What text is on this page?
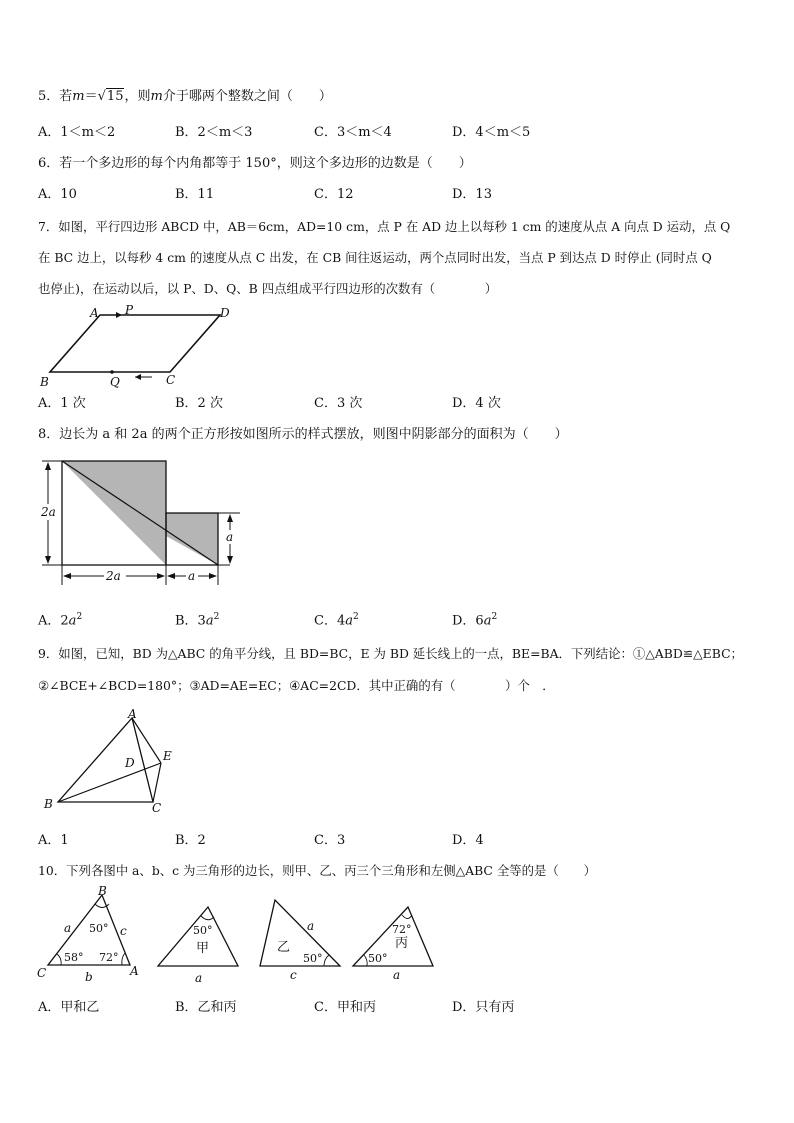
5．若m＝√15，则m介于哪两个整数之间（　　）
A．1＜m＜2	B．2＜m＜3	C．3＜m＜4	D．4＜m＜5
6．若一个多边形的每个内角都等于 150°，则这个多边形的边数是（　　）
A．10	B．11	C．12	D．13
7．如图，平行四边形 ABCD 中，AB＝6cm，AD=10 cm，点 P 在 AD 边上以每秒 1 cm 的速度从点 A 向点 D 运动，点 Q
在 BC 边上，以每秒 4 cm 的速度从点 C 出发，在 CB 间往返运动，两个点同时出发，当点 P 到达点 D 时停止 (同时点 Q
也停止)，在运动以后，以 P、D、Q、B 四点组成平行四边形的次数有（　　　　）
A P	D
B	Q	C
A．1 次	B．2 次	C．3 次	D．4 次
8．边长为 a 和 2a 的两个正方形按如图所示的样式摆放，则图中阴影部分的面积为（　　）
2a
2a	a
a
A．$2a^2$	B．$3a^2$	C．$4a^2$	D．$6a^2$
9．如图，已知，BD 为△ABC 的角平分线，且 BD=BC，E 为 BD 延长线上的一点，BE=BA．下列结论：①△ABD≌△EBC；
②∠BCE+∠BCD=180°；③AD=AE=EC；④AC=2CD．其中正确的有（　　　　）个　．
A
D E
B	C
A．1	B．2	C．3	D．4
10．下列各图中 a、b、c 为三角形的边长，则甲、乙、丙三个三角形和左侧△ABC 全等的是（　　）
B
C	A
a	c
b
50°
58° 72°
50°
甲
a
a
乙
50°
c
72°
丙
50°
a
A．甲和乙	B．乙和丙	C．甲和丙	D．只有丙
